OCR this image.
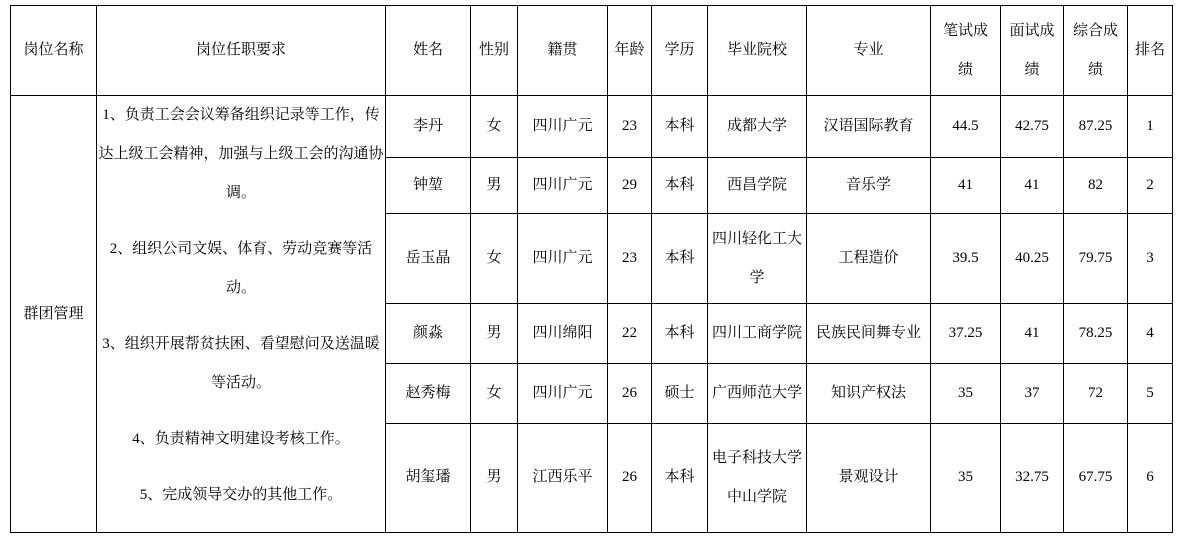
岗位名称	岗位任职要求	姓名	性别	籍贯	年龄	学历	毕业院校	专业	笔试成绩	面试成绩	综合成绩	排名
群团管理	1、负责工会会议筹备组织记录等工作，传达上级工会精神，加强与上级工会的沟通协调。

2、组织公司文娱、体育、劳动竞赛等活动。

3、组织开展帮贫扶困、看望慰问及送温暖等活动。

4、负责精神文明建设考核工作。

5、完成领导交办的其他工作。	李丹	女	四川广元	23	本科	成都大学	汉语国际教育	44.5	42.75	87.25	1
		钟堃	男	四川广元	29	本科	西昌学院	音乐学	41	41	82	2
		岳玉晶	女	四川广元	23	本科	四川轻化工大学	工程造价	39.5	40.25	79.75	3
		颜淼	男	四川绵阳	22	本科	四川工商学院	民族民间舞专业	37.25	41	78.25	4
		赵秀梅	女	四川广元	26	硕士	广西师范大学	知识产权法	35	37	72	5
		胡玺璠	男	江西乐平	26	本科	电子科技大学中山学院	景观设计	35	32.75	67.75	6
